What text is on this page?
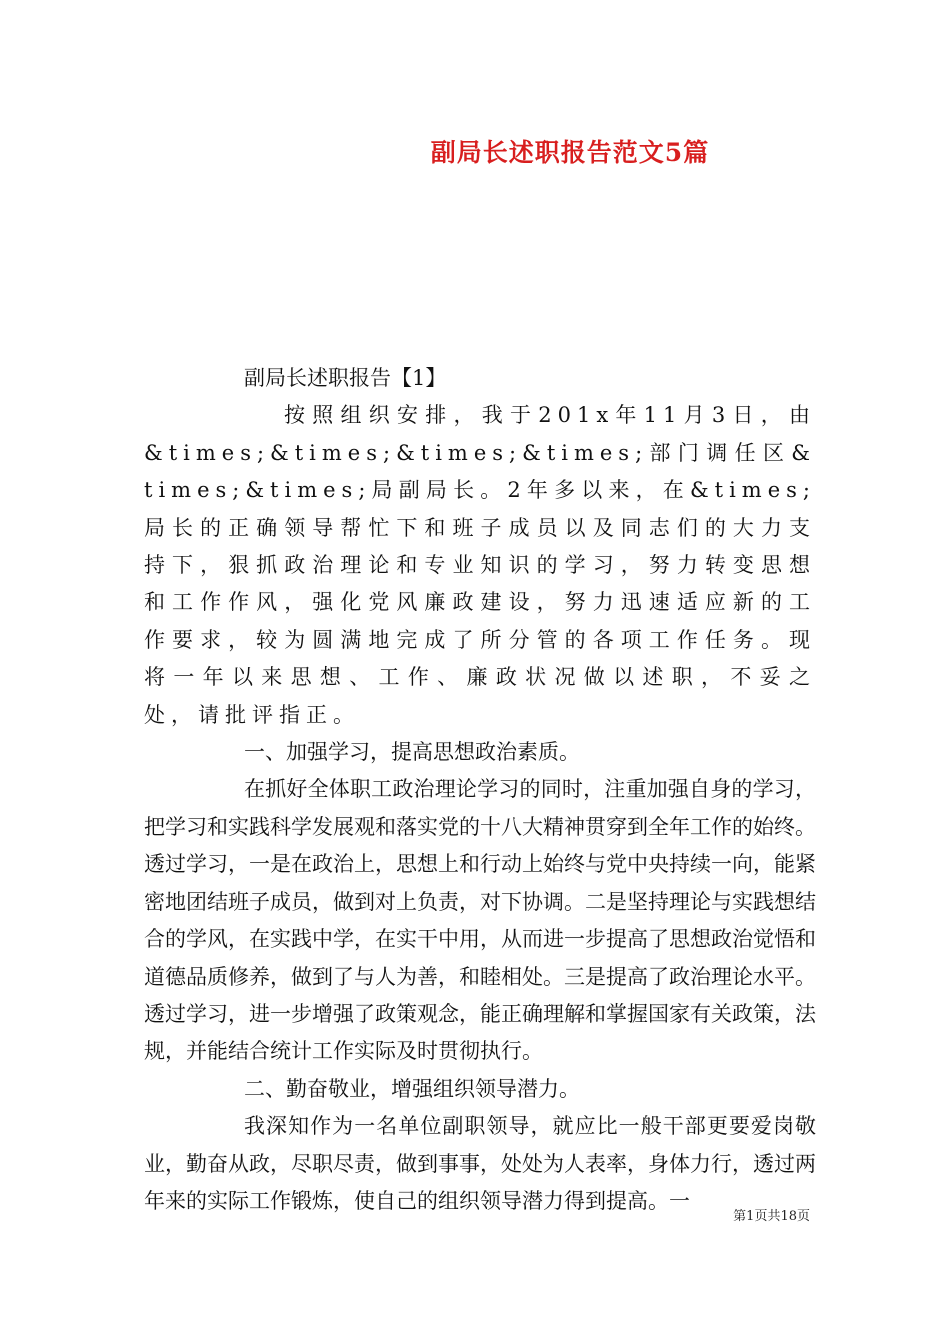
副局长述职报告范文5篇

副局长述职报告【1】

按照组织安排，我于201x年11月3日，由&times;&times;&times;&times;部门调任区&times;&times;局副局长。2年多以来，在&times;局长的正确领导帮忙下和班子成员以及同志们的大力支持下，狠抓政治理论和专业知识的学习，努力转变思想和工作作风，强化党风廉政建设，努力迅速适应新的工作要求，较为圆满地完成了所分管的各项工作任务。现将一年以来思想、工作、廉政状况做以述职，不妥之处，请批评指正。

一、加强学习，提高思想政治素质。

在抓好全体职工政治理论学习的同时，注重加强自身的学习，把学习和实践科学发展观和落实党的十八大精神贯穿到全年工作的始终。透过学习，一是在政治上，思想上和行动上始终与党中央持续一向，能紧密地团结班子成员，做到对上负责，对下协调。二是坚持理论与实践想结合的学风，在实践中学，在实干中用，从而进一步提高了思想政治觉悟和道德品质修养，做到了与人为善，和睦相处。三是提高了政治理论水平。透过学习，进一步增强了政策观念，能正确理解和掌握国家有关政策，法规，并能结合统计工作实际及时贯彻执行。

二、勤奋敬业，增强组织领导潜力。

我深知作为一名单位副职领导，就应比一般干部更要爱岗敬业，勤奋从政，尽职尽责，做到事事，处处为人表率，身体力行，透过两年来的实际工作锻炼，使自己的组织领导潜力得到提高。一

第1页共18页
